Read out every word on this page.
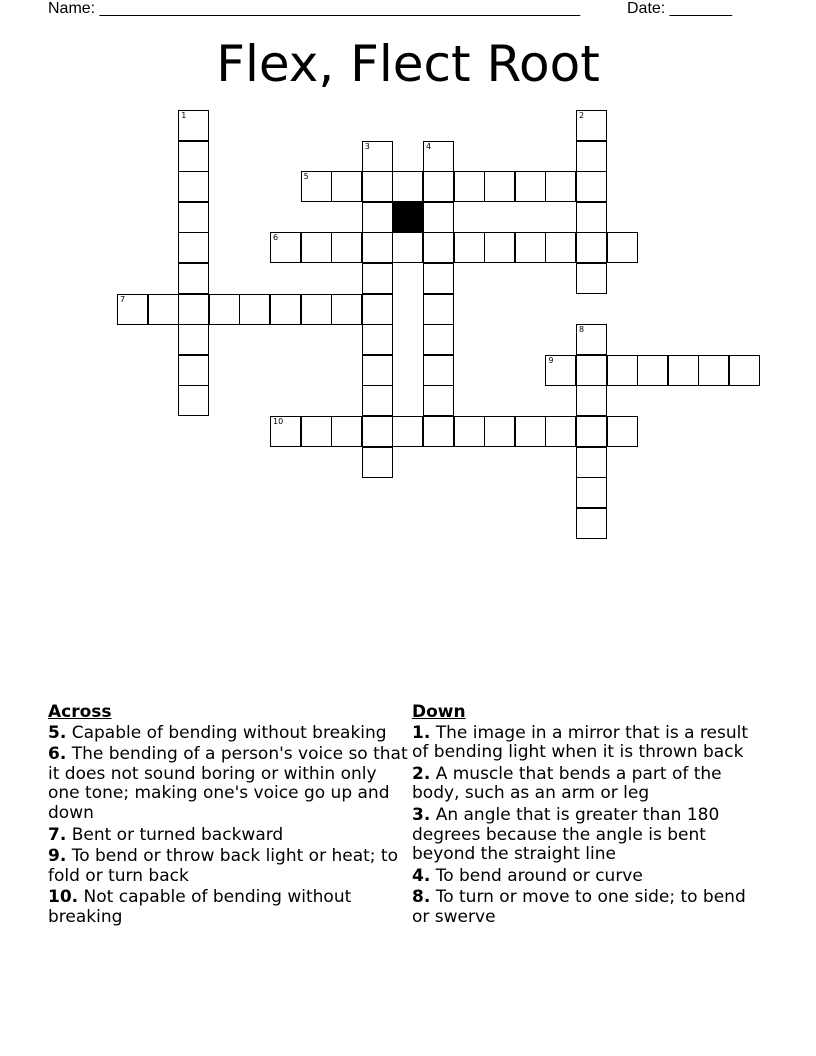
Name: ______________________________________________________	Date: _______
Flex, Flect Root
1	2
3	4
5
6
7
8
9
10
Across
5. Capable of bending without breaking
6. The bending of a person's voice so that it does not sound boring or within only one tone; making one's voice go up and down
7. Bent or turned backward
9. To bend or throw back light or heat; to fold or turn back
10. Not capable of bending without breaking
Down
1. The image in a mirror that is a result of bending light when it is thrown back
2. A muscle that bends a part of the body, such as an arm or leg
3. An angle that is greater than 180 degrees because the angle is bent beyond the straight line
4. To bend around or curve
8. To turn or move to one side; to bend or swerve
